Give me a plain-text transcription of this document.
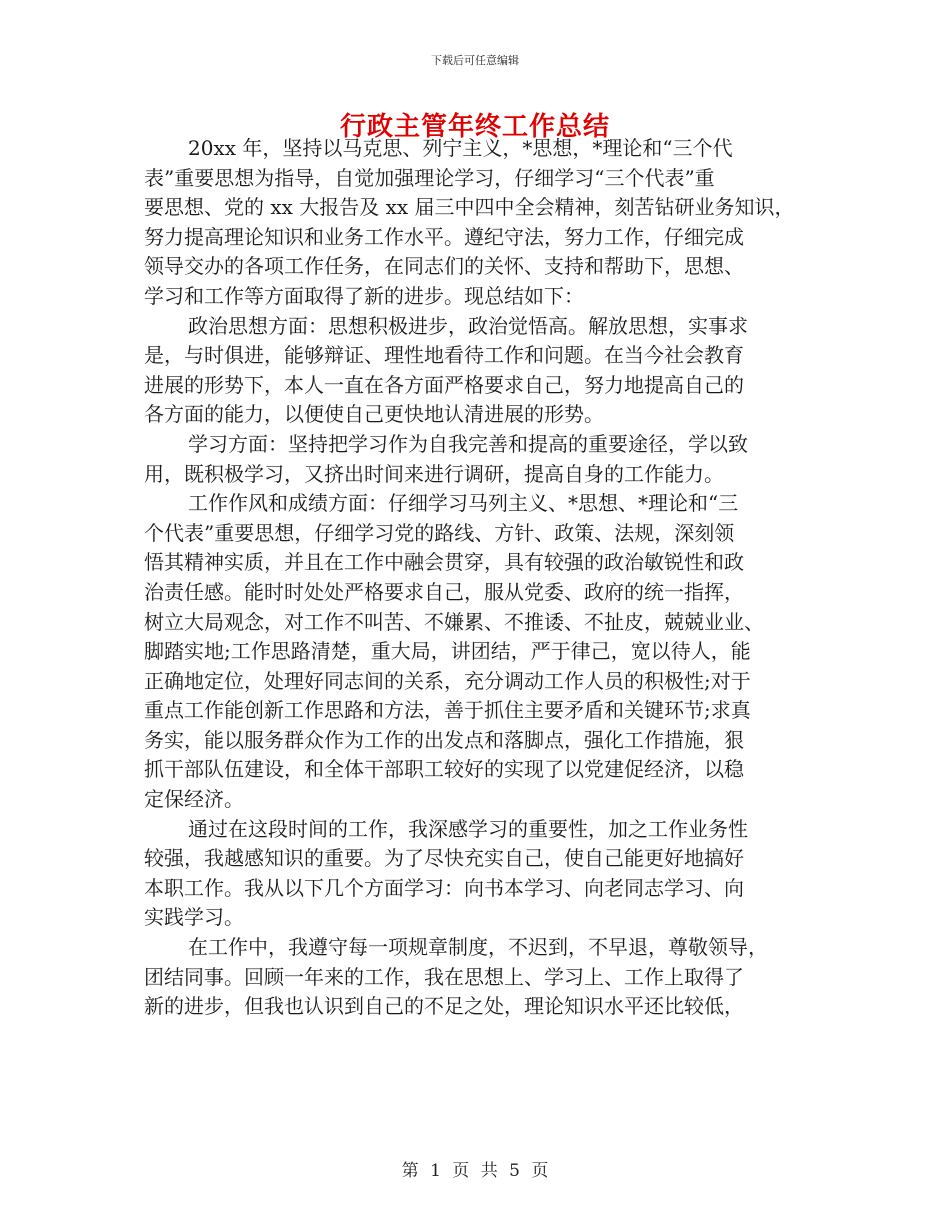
下载后可任意编辑
行政主管年终工作总结
20xx 年，坚持以马克思、列宁主义，*思想，*理论和“三个代
表”重要思想为指导，自觉加强理论学习，仔细学习“三个代表”重
要思想、党的 xx 大报告及 xx 届三中四中全会精神，刻苦钻研业务知识，
努力提高理论知识和业务工作水平。遵纪守法，努力工作，仔细完成
领导交办的各项工作任务，在同志们的关怀、支持和帮助下，思想、
学习和工作等方面取得了新的进步。现总结如下：
政治思想方面：思想积极进步，政治觉悟高。解放思想，实事求
是，与时俱进，能够辩证、理性地看待工作和问题。在当今社会教育
进展的形势下，本人一直在各方面严格要求自己，努力地提高自己的
各方面的能力，以便使自己更快地认清进展的形势。
学习方面：坚持把学习作为自我完善和提高的重要途径，学以致
用，既积极学习，又挤出时间来进行调研，提高自身的工作能力。
工作作风和成绩方面：仔细学习马列主义、*思想、*理论和“三
个代表”重要思想，仔细学习党的路线、方针、政策、法规，深刻领
悟其精神实质，并且在工作中融会贯穿，具有较强的政治敏锐性和政
治责任感。能时时处处严格要求自己，服从党委、政府的统一指挥，
树立大局观念，对工作不叫苦、不嫌累、不推诿、不扯皮，兢兢业业、
脚踏实地;工作思路清楚，重大局，讲团结，严于律己，宽以待人，能
正确地定位，处理好同志间的关系，充分调动工作人员的积极性;对于
重点工作能创新工作思路和方法，善于抓住主要矛盾和关键环节;求真
务实，能以服务群众作为工作的出发点和落脚点，强化工作措施，狠
抓干部队伍建设，和全体干部职工较好的实现了以党建促经济，以稳
定保经济。
通过在这段时间的工作，我深感学习的重要性，加之工作业务性
较强，我越感知识的重要。为了尽快充实自己，使自己能更好地搞好
本职工作。我从以下几个方面学习：向书本学习、向老同志学习、向
实践学习。
在工作中，我遵守每一项规章制度，不迟到，不早退，尊敬领导，
团结同事。回顾一年来的工作，我在思想上、学习上、工作上取得了
新的进步，但我也认识到自己的不足之处，理论知识水平还比较低，
第 1 页 共 5 页
